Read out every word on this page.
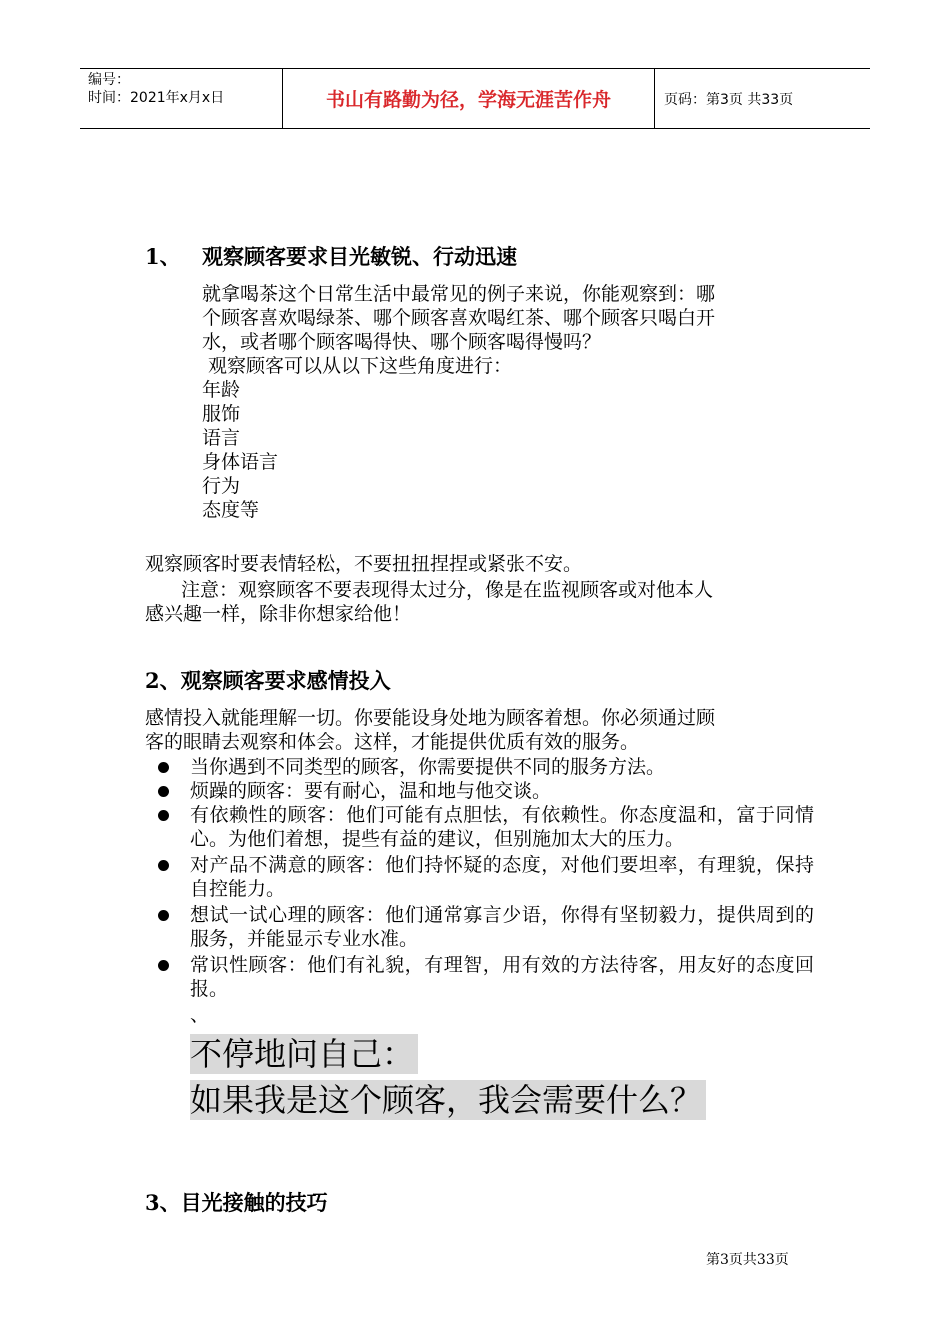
编号：
时间：2021年x月x日	书山有路勤为径，学海无涯苦作舟	页码：第3页 共33页
1、 观察顾客要求目光敏锐、行动迅速
就拿喝茶这个日常生活中最常见的例子来说，你能观察到：哪
个顾客喜欢喝绿茶、哪个顾客喜欢喝红茶、哪个顾客只喝白开
水，或者哪个顾客喝得快、哪个顾客喝得慢吗？
观察顾客可以从以下这些角度进行：
年龄
服饰
语言
身体语言
行为
态度等
观察顾客时要表情轻松，不要扭扭捏捏或紧张不安。
注意：观察顾客不要表现得太过分，像是在监视顾客或对他本人
感兴趣一样，除非你想家给他！
2、观察顾客要求感情投入
感情投入就能理解一切。你要能设身处地为顾客着想。你必须通过顾
客的眼睛去观察和体会。这样，才能提供优质有效的服务。
当你遇到不同类型的顾客，你需要提供不同的服务方法。
烦躁的顾客：要有耐心，温和地与他交谈。
有依赖性的顾客：他们可能有点胆怯，有依赖性。你态度温和，富于同情心。为他们着想，提些有益的建议，但别施加太大的压力。
对产品不满意的顾客：他们持怀疑的态度，对他们要坦率，有理貌，保持自控能力。
想试一试心理的顾客：他们通常寡言少语，你得有坚韧毅力，提供周到的服务，并能显示专业水准。
常识性顾客：他们有礼貌，有理智，用有效的方法待客，用友好的态度回报。
、
不停地问自己：
如果我是这个顾客，我会需要什么？
3、目光接触的技巧
第3页共33页
